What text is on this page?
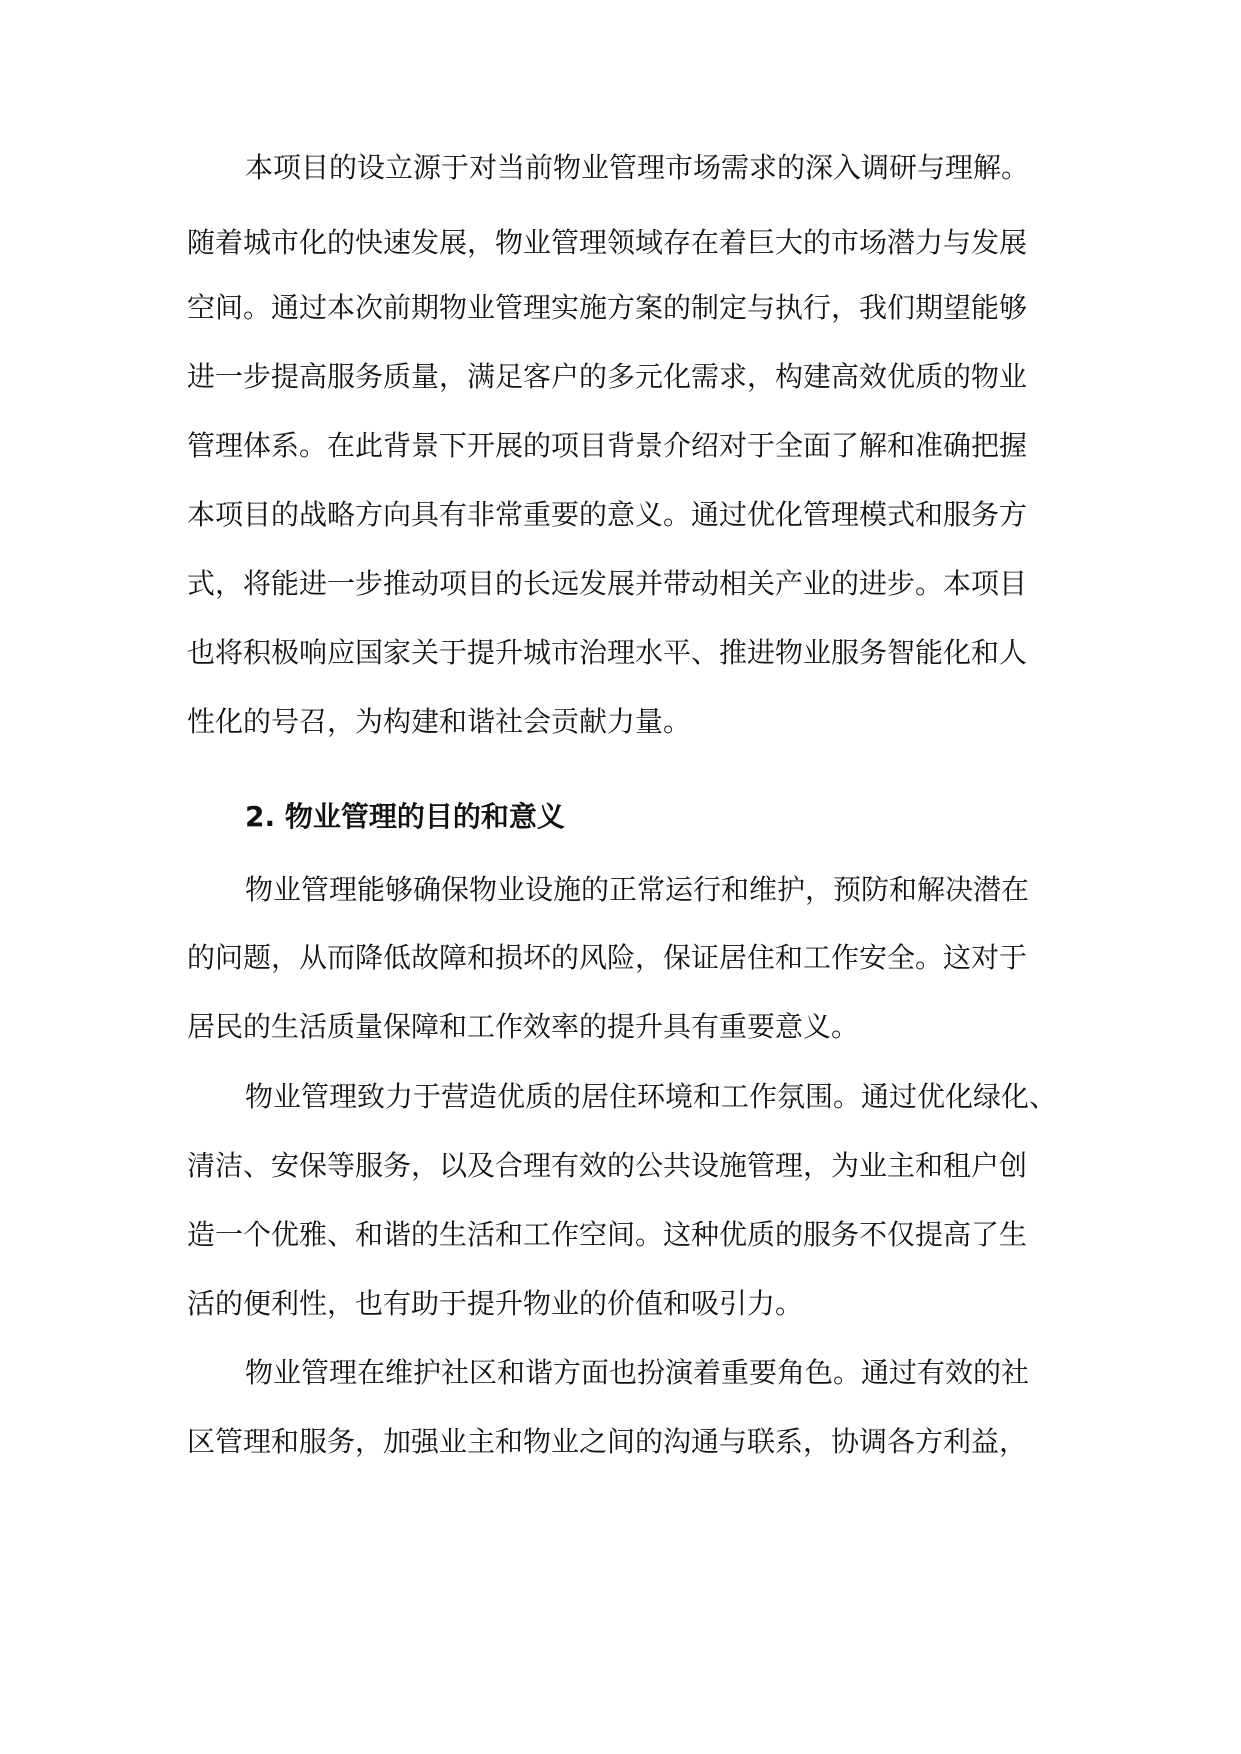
本项目的设立源于对当前物业管理市场需求的深入调研与理解。

随着城市化的快速发展，物业管理领域存在着巨大的市场潜力与发展

空间。通过本次前期物业管理实施方案的制定与执行，我们期望能够

进一步提高服务质量，满足客户的多元化需求，构建高效优质的物业

管理体系。在此背景下开展的项目背景介绍对于全面了解和准确把握

本项目的战略方向具有非常重要的意义。通过优化管理模式和服务方

式，将能进一步推动项目的长远发展并带动相关产业的进步。本项目

也将积极响应国家关于提升城市治理水平、推进物业服务智能化和人

性化的号召，为构建和谐社会贡献力量。

2. 物业管理的目的和意义

物业管理能够确保物业设施的正常运行和维护，预防和解决潜在

的问题，从而降低故障和损坏的风险，保证居住和工作安全。这对于

居民的生活质量保障和工作效率的提升具有重要意义。

物业管理致力于营造优质的居住环境和工作氛围。通过优化绿化、

清洁、安保等服务，以及合理有效的公共设施管理，为业主和租户创

造一个优雅、和谐的生活和工作空间。这种优质的服务不仅提高了生

活的便利性，也有助于提升物业的价值和吸引力。

物业管理在维护社区和谐方面也扮演着重要角色。通过有效的社

区管理和服务，加强业主和物业之间的沟通与联系，协调各方利益，
